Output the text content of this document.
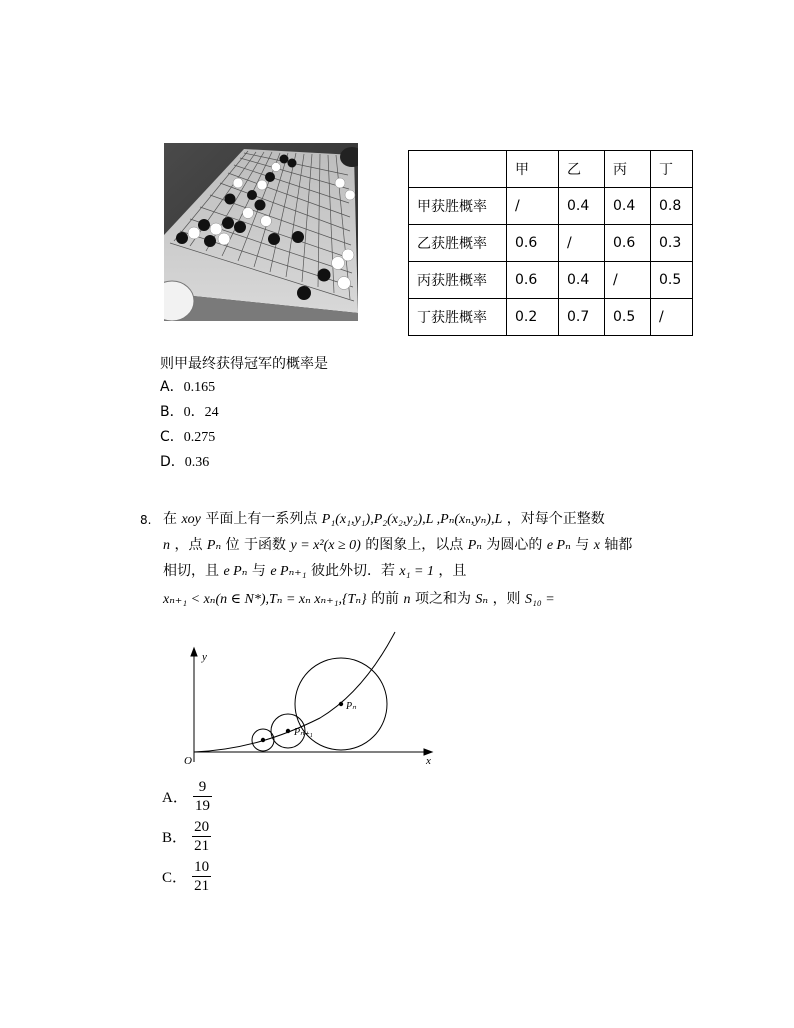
	甲	乙	丙	丁
甲获胜概率	/	0.4	0.4	0.8
乙获胜概率	0.6	/	0.6	0.3
丙获胜概率	0.6	0.4	/	0.5
丁获胜概率	0.2	0.7	0.5	/
则甲最终获得冠军的概率是
A．0.165
B．0．24
C．0.275
D．0.36
8. 在 xoy 平面上有一系列点 P₁(x₁,y₁),P₂(x₂,y₂),L ,Pₙ(xₙ,yₙ),L ，对每个正整数
n ，点 Pₙ 位 于函数 y = x²(x ≥ 0) 的图象上，以点 Pₙ 为圆心的 e Pₙ 与 x 轴都
相切，且 e Pₙ 与 e Pₙ₊₁ 彼此外切．若 x₁ = 1 ，且
xₙ₊₁ < xₙ(n ∈ N*),Tₙ = xₙ xₙ₊₁,{Tₙ} 的前 n 项之和为 Sₙ ，则 S₁₀ =
y
x
O
Pₙ
Pₙ₊₁
A． $\frac{9}{19}$
B． $\frac{20}{21}$
C． $\frac{10}{21}$
